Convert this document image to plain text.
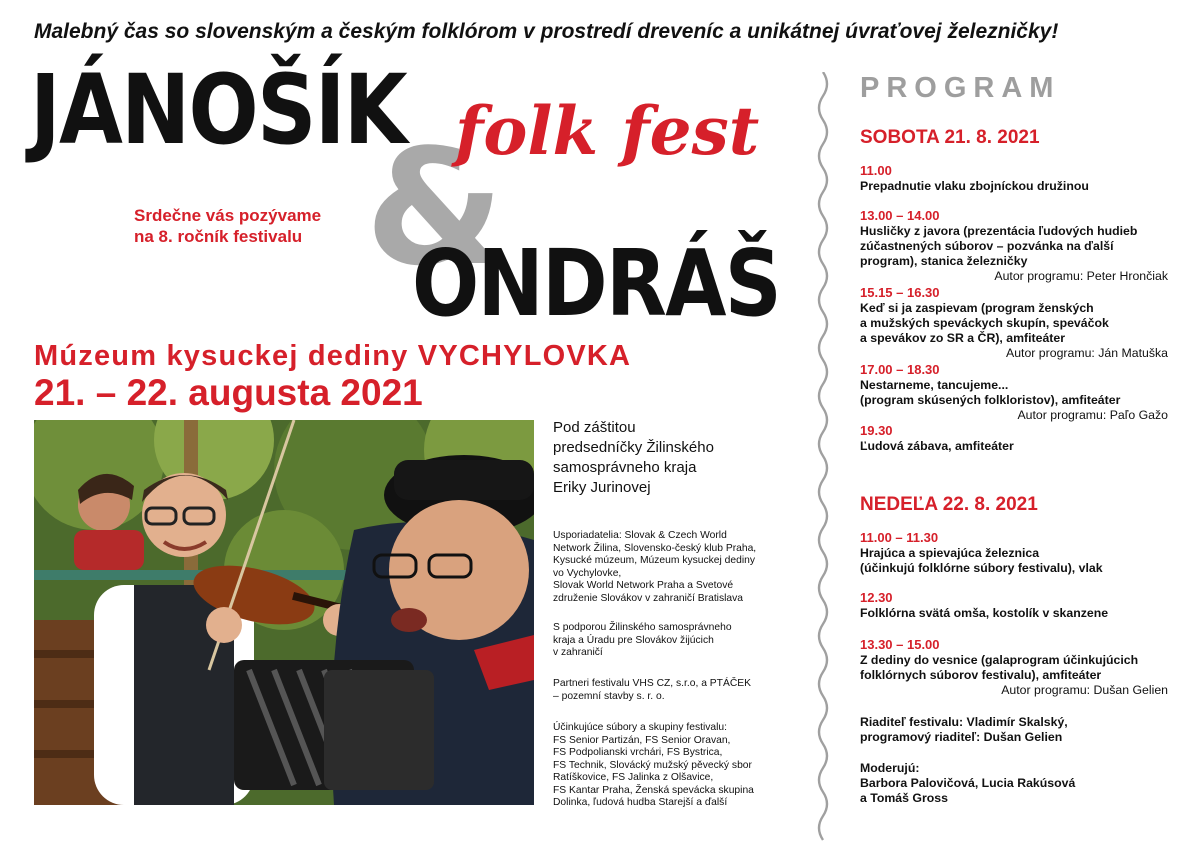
Malebný čas so slovenským a českým folklórom v prostredí dreveníc a unikátnej úvraťovej železničky!
&
JÁNOŠÍK folk fest
ONDRÁŠ
Srdečne vás pozývame
na 8. ročník festivalu
Múzeum kysuckej dediny VYCHYLOVKA
21. – 22. augusta 2021
Pod záštitou
predsedníčky Žilinského
samosprávneho kraja
Eriky Jurinovej
Usporiadatelia: Slovak & Czech World
Network Žilina, Slovensko-český klub Praha,
Kysucké múzeum, Múzeum kysuckej dediny
vo Vychylovke,
Slovak World Network Praha a Svetové
združenie Slovákov v zahraničí Bratislava
S podporou Žilinského samosprávneho
kraja a Úradu pre Slovákov žijúcich
v zahraničí
Partneri festivalu VHS CZ, s.r.o, a PTÁČEK
– pozemní stavby s. r. o.
Účinkujúce súbory a skupiny festivalu:
FS Senior Partizán, FS Senior Oravan,
FS Podpolianski vrchári, FS Bystrica,
FS Technik, Slovácký mužský pěvecký sbor
Ratíškovice, FS Jalinka z Olšavice,
FS Kantar Praha, Ženská spevácka skupina
Dolinka, ľudová hudba Starejší a ďalší
PROGRAM
SOBOTA 21. 8. 2021
11.00
Prepadnutie vlaku zbojníckou družinou
13.00 – 14.00
Husličky z javora (prezentácia ľudových hudieb
zúčastnených súborov – pozvánka na ďalší
program), stanica železničky
Autor programu: Peter Hrončiak
15.15 – 16.30
Keď si ja zaspievam (program ženských
a mužských speváckych skupín, speváčok
a spevákov zo SR a ČR), amfiteáter
Autor programu: Ján Matuška
17.00 – 18.30
Nestarneme, tancujeme...
(program skúsených folkloristov), amfiteáter
Autor programu: Paľo Gažo
19.30
Ľudová zábava, amfiteáter
NEDEĽA 22. 8. 2021
11.00 – 11.30
Hrajúca a spievajúca železnica
(účinkujú folklórne súbory festivalu), vlak
12.30
Folklórna svätá omša, kostolík v skanzene
13.30 – 15.00
Z dediny do vesnice (galaprogram účinkujúcich
folklórnych súborov festivalu), amfiteáter
Autor programu: Dušan Gelien
Riaditeľ festivalu: Vladimír Skalský,
programový riaditeľ: Dušan Gelien
Moderujú:
Barbora Palovičová, Lucia Rakúsová
a Tomáš Gross
